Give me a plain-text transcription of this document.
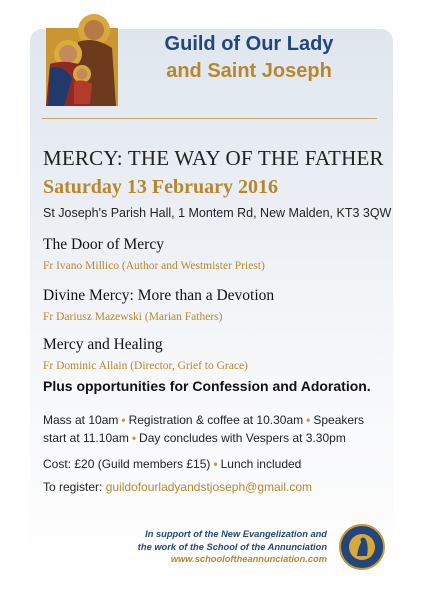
Guild of Our Lady
and Saint Joseph
MERCY: THE WAY OF THE FATHER
Saturday 13 February 2016
St Joseph's Parish Hall, 1 Montem Rd, New Malden, KT3 3QW
The Door of Mercy
Fr Ivano Millico (Author and Westmister Priest)
Divine Mercy: More than a Devotion
Fr Dariusz Mazewski (Marian Fathers)
Mercy and Healing
Fr Dominic Allain (Director, Grief to Grace)
Plus opportunities for Confession and Adoration.
Mass at 10am • Registration & coffee at 10.30am • Speakers start at 11.10am • Day concludes with Vespers at 3.30pm
Cost: £20 (Guild members £15) • Lunch included
To register: guildofourladyandstjoseph@gmail.com
In support of the New Evangelization and
the work of the School of the Annunciation
www.schooloftheannunciation.com
